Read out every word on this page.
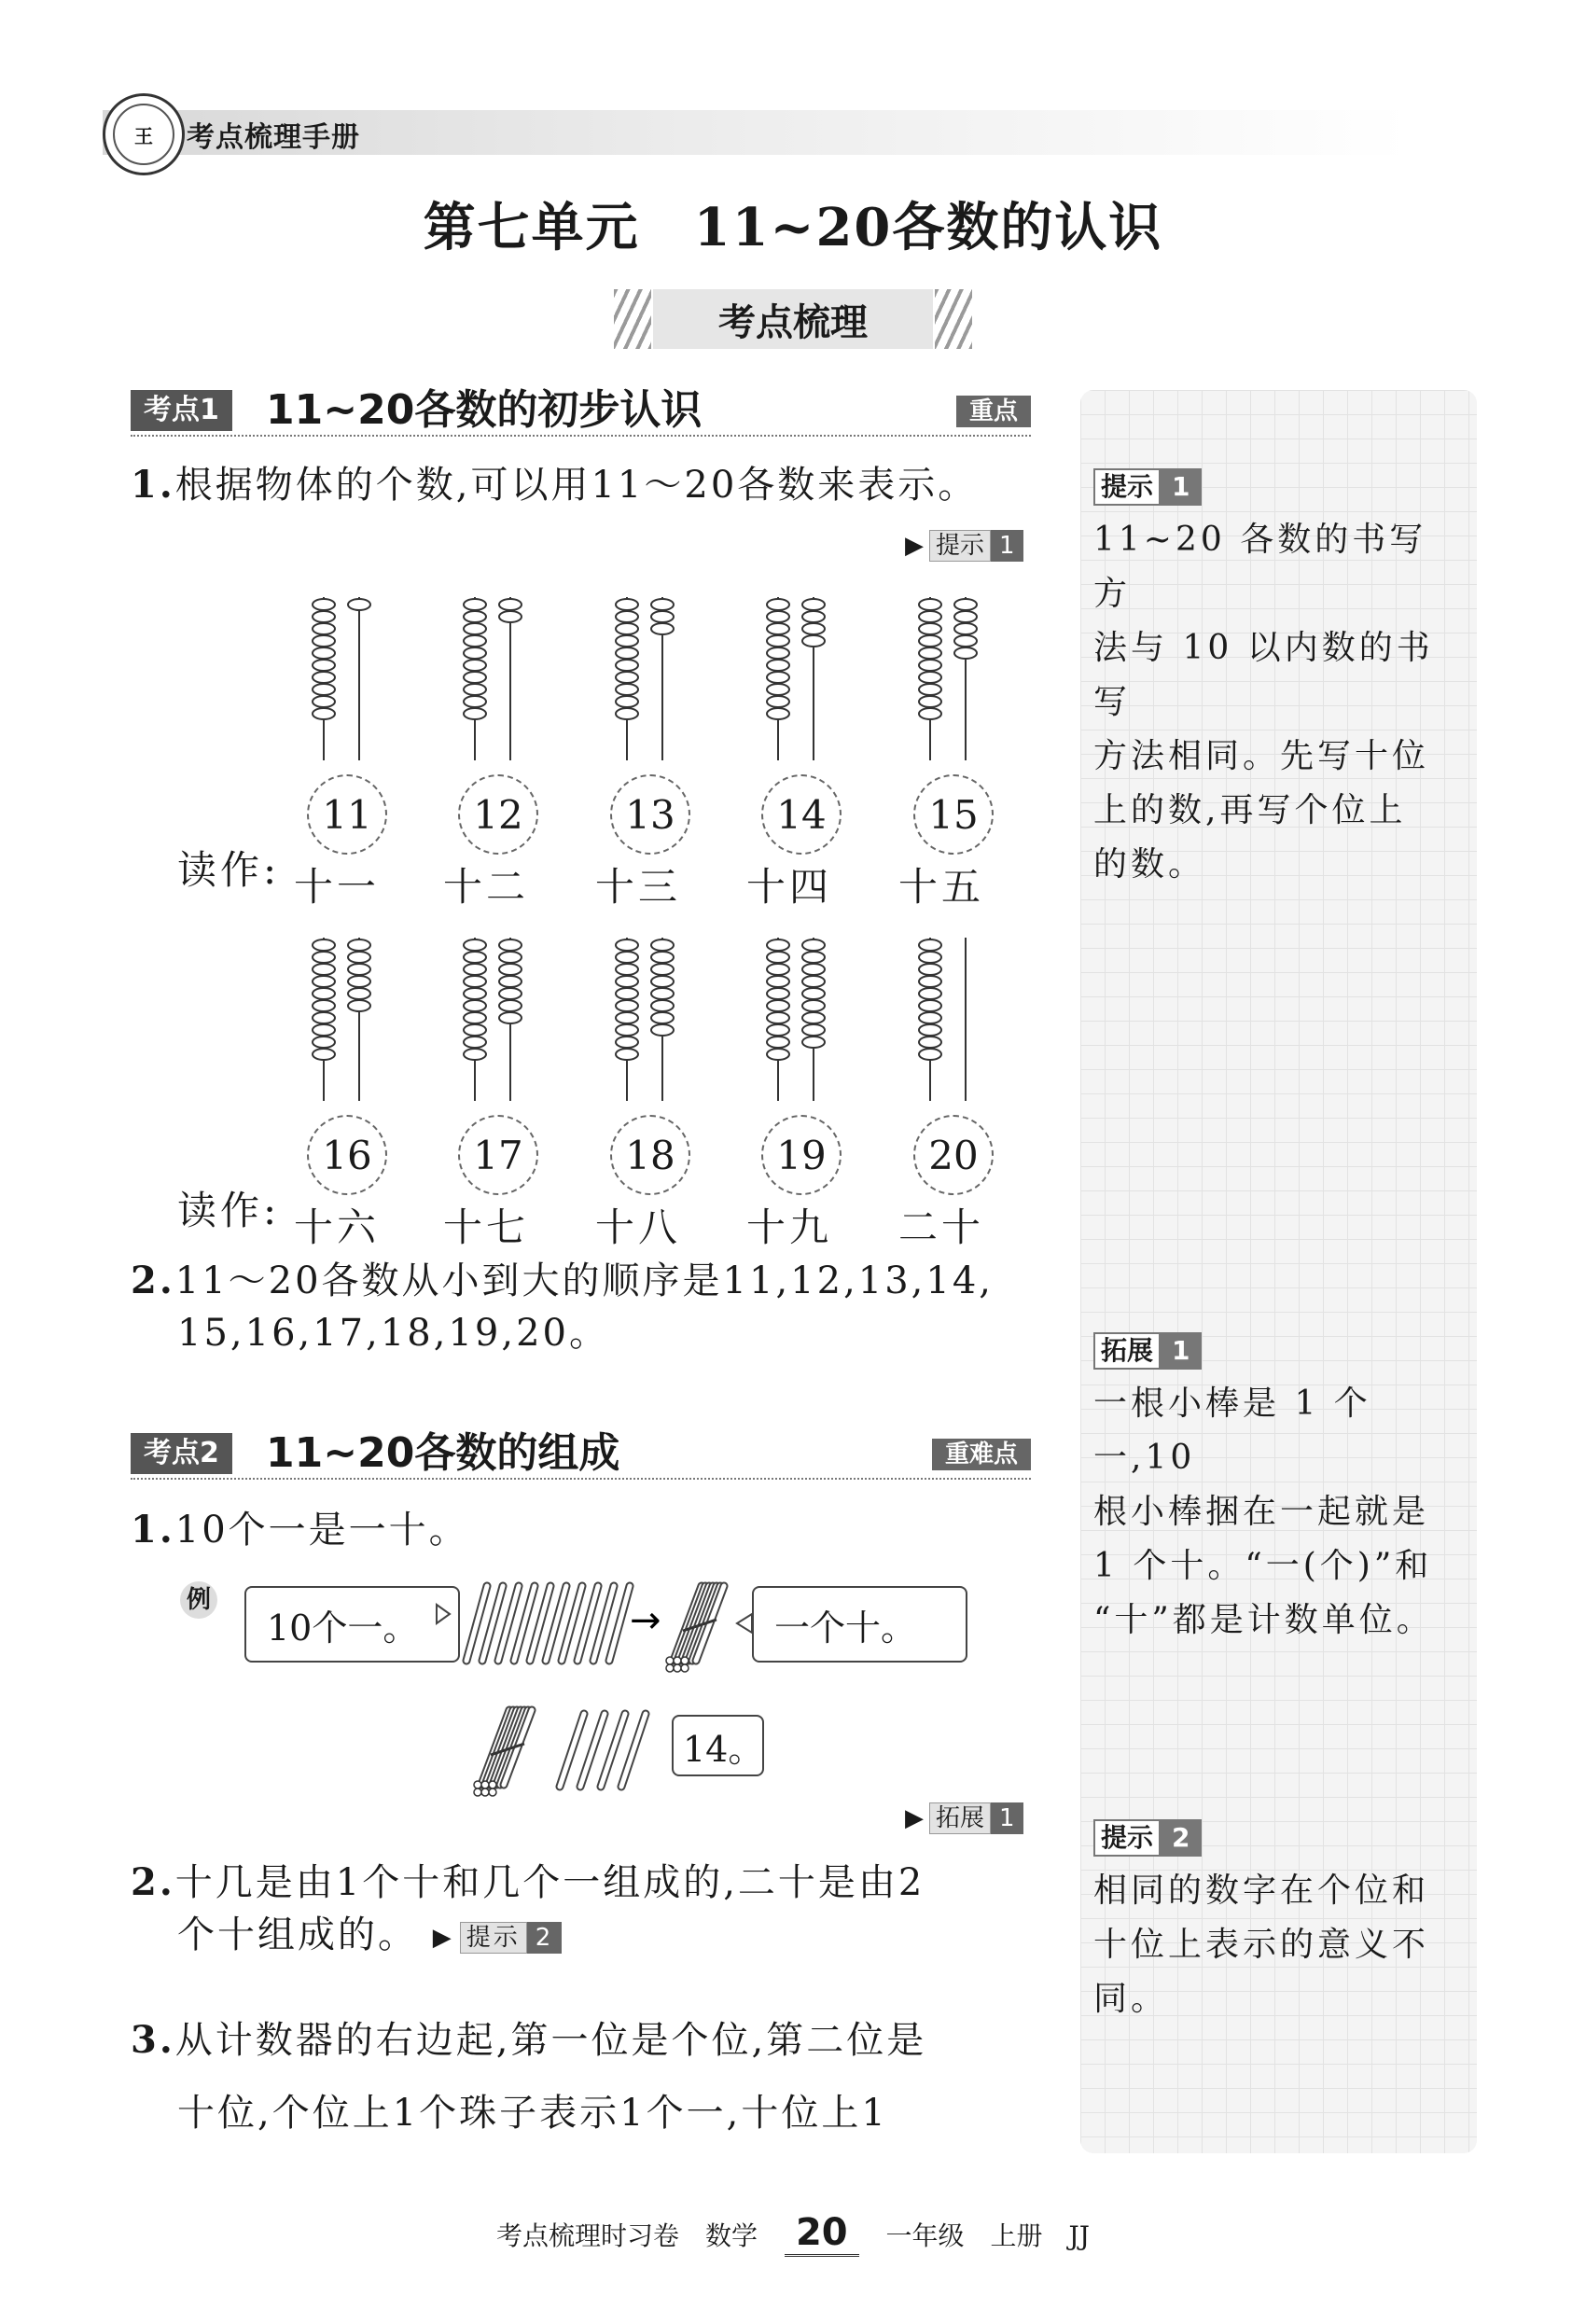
王	考点梳理手册
第七单元　11~20各数的认识
考点梳理
考点1	11~20各数的初步认识	重点
1.根据物体的个数,可以用11～20各数来表示。
▶ 提示 1
11
十一
12
十二
13
十三
14
十四
15
十五
读作:
16
十六
17
十七
18
十八
19
十九
20
二十
读作:
2.11～20各数从小到大的顺序是11,12,13,14,
15,16,17,18,19,20。
考点2	11~20各数的组成	重难点
1.10个一是一十。
例
10个一。	→	一个十。
14。
▶ 拓展 1
2.十几是由1个十和几个一组成的,二十是由2
个十组成的。 ▶ 提示 2
3.从计数器的右边起,第一位是个位,第二位是
十位,个位上1个珠子表示1个一,十位上1
提示 1
11~20 各数的书写方
法与 10 以内数的书写
方法相同。先写十位
上的数,再写个位上
的数。
拓展 1
一根小棒是 1 个一,10
根小棒捆在一起就是
1 个十。“一(个)”和
“十”都是计数单位。
提示 2
相同的数字在个位和
十位上表示的意义不
同。
考点梳理时习卷　数学 20 一年级　上册　JJ
